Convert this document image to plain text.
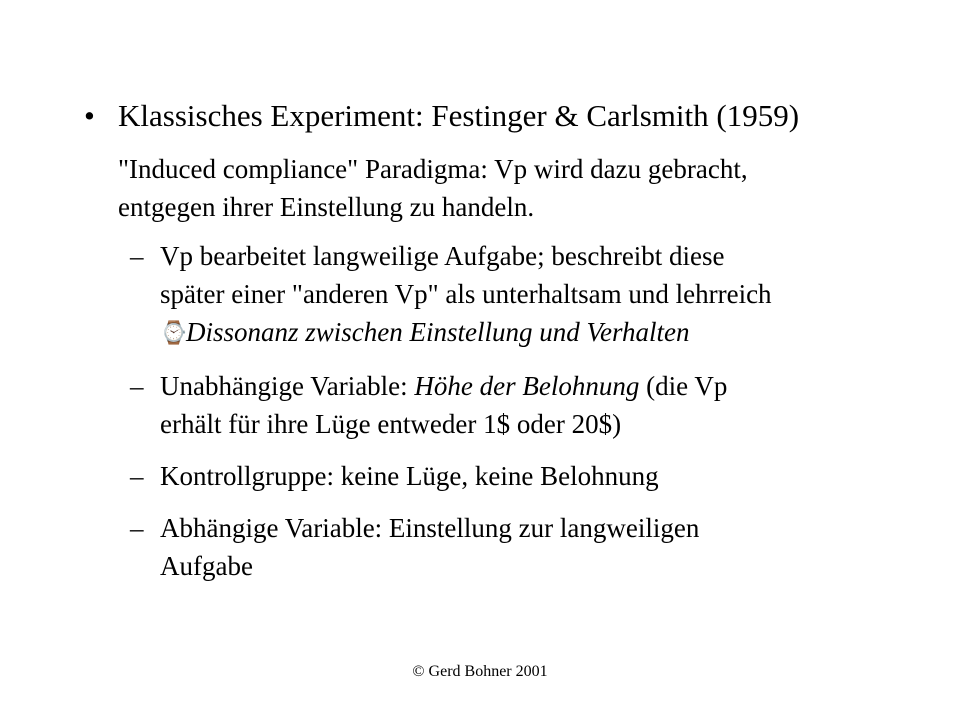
• Klassisches Experiment: Festinger & Carlsmith (1959)
"Induced compliance" Paradigma: Vp wird dazu gebracht,
entgegen ihrer Einstellung zu handeln.
– Vp bearbeitet langweilige Aufgabe; beschreibt diese
später einer "anderen Vp" als unterhaltsam und lehrreich
⌚Dissonanz zwischen Einstellung und Verhalten
– Unabhängige Variable: Höhe der Belohnung (die Vp
erhält für ihre Lüge entweder 1$ oder 20$)
– Kontrollgruppe: keine Lüge, keine Belohnung
– Abhängige Variable: Einstellung zur langweiligen
Aufgabe
© Gerd Bohner 2001
